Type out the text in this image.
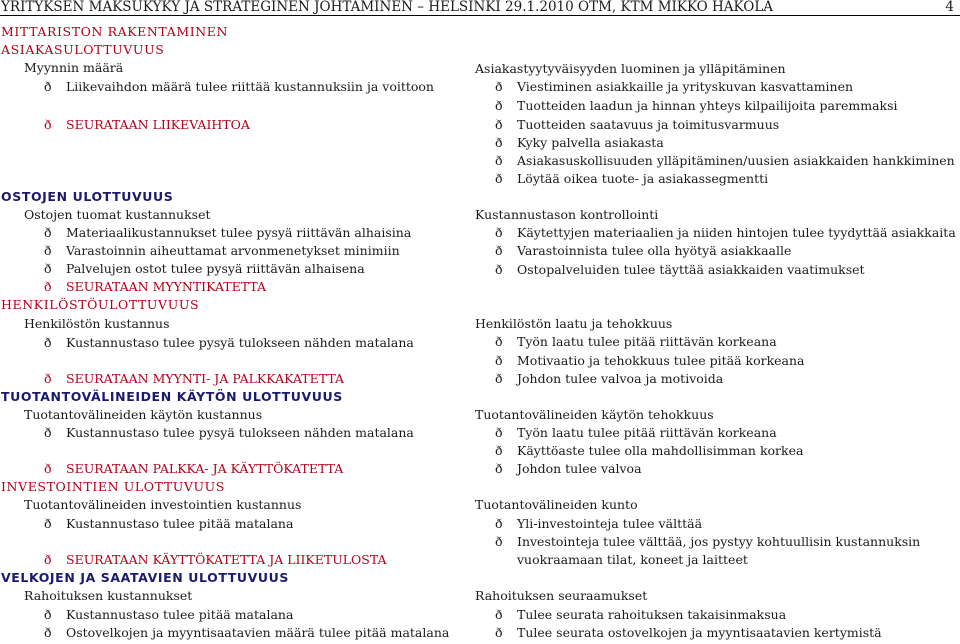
YRITYKSEN MAKSUKYKY JA STRATEGINEN JOHTAMINEN – HELSINKI 29.1.2010 OTM, KTM MIKKO HAKOLA	4
MITTARISTON RAKENTAMINEN
ASIAKASULOTTUVUUS
Myynnin määrä
ð Liikevaihdon määrä tulee riittää kustannuksiin ja voittoon
ð SEURATAAN LIIKEVAIHTOA
OSTOJEN ULOTTUVUUS
Ostojen tuomat kustannukset
ð Materiaalikustannukset tulee pysyä riittävän alhaisina
ð Varastoinnin aiheuttamat arvonmenetykset minimiin
ð Palvelujen ostot tulee pysyä riittävän alhaisena
ð SEURATAAN MYYNTIKATETTA
HENKILÖSTÖULOTTUVUUS
Henkilöstön kustannus
ð Kustannustaso tulee pysyä tulokseen nähden matalana
ð SEURATAAN MYYNTI- JA PALKKAKATETTA
TUOTANTOVÄLINEIDEN KÄYTÖN ULOTTUVUUS
Tuotantovälineiden käytön kustannus
ð Kustannustaso tulee pysyä tulokseen nähden matalana
ð SEURATAAN PALKKA- JA KÄYTTÖKATETTA
INVESTOINTIEN ULOTTUVUUS
Tuotantovälineiden investointien kustannus
ð Kustannustaso tulee pitää matalana
ð SEURATAAN KÄYTTÖKATETTA JA LIIKETULOSTA
VELKOJEN JA SAATAVIEN ULOTTUVUUS
Rahoituksen kustannukset
ð Kustannustaso tulee pitää matalana
ð Ostovelkojen ja myyntisaatavien määrä tulee pitää matalana
Asiakastyytyväisyyden luominen ja ylläpitäminen
ð Viestiminen asiakkaille ja yrityskuvan kasvattaminen
ð Tuotteiden laadun ja hinnan yhteys kilpailijoita paremmaksi
ð Tuotteiden saatavuus ja toimitusvarmuus
ð Kyky palvella asiakasta
ð Asiakasuskollisuuden ylläpitäminen/uusien asiakkaiden hankkiminen
ð Löytää oikea tuote- ja asiakassegmentti
Kustannustason kontrollointi
ð Käytettyjen materiaalien ja niiden hintojen tulee tyydyttää asiakkaita
ð Varastoinnista tulee olla hyötyä asiakkaalle
ð Ostopalveluiden tulee täyttää asiakkaiden vaatimukset
Henkilöstön laatu ja tehokkuus
ð Työn laatu tulee pitää riittävän korkeana
ð Motivaatio ja tehokkuus tulee pitää korkeana
ð Johdon tulee valvoa ja motivoida
Tuotantovälineiden käytön tehokkuus
ð Työn laatu tulee pitää riittävän korkeana
ð Käyttöaste tulee olla mahdollisimman korkea
ð Johdon tulee valvoa
Tuotantovälineiden kunto
ð Yli-investointeja tulee välttää
ð Investointeja tulee välttää, jos pystyy kohtuullisin kustannuksin
vuokraamaan tilat, koneet ja laitteet
Rahoituksen seuraamukset
ð Tulee seurata rahoituksen takaisinmaksua
ð Tulee seurata ostovelkojen ja myyntisaatavien kertymistä
